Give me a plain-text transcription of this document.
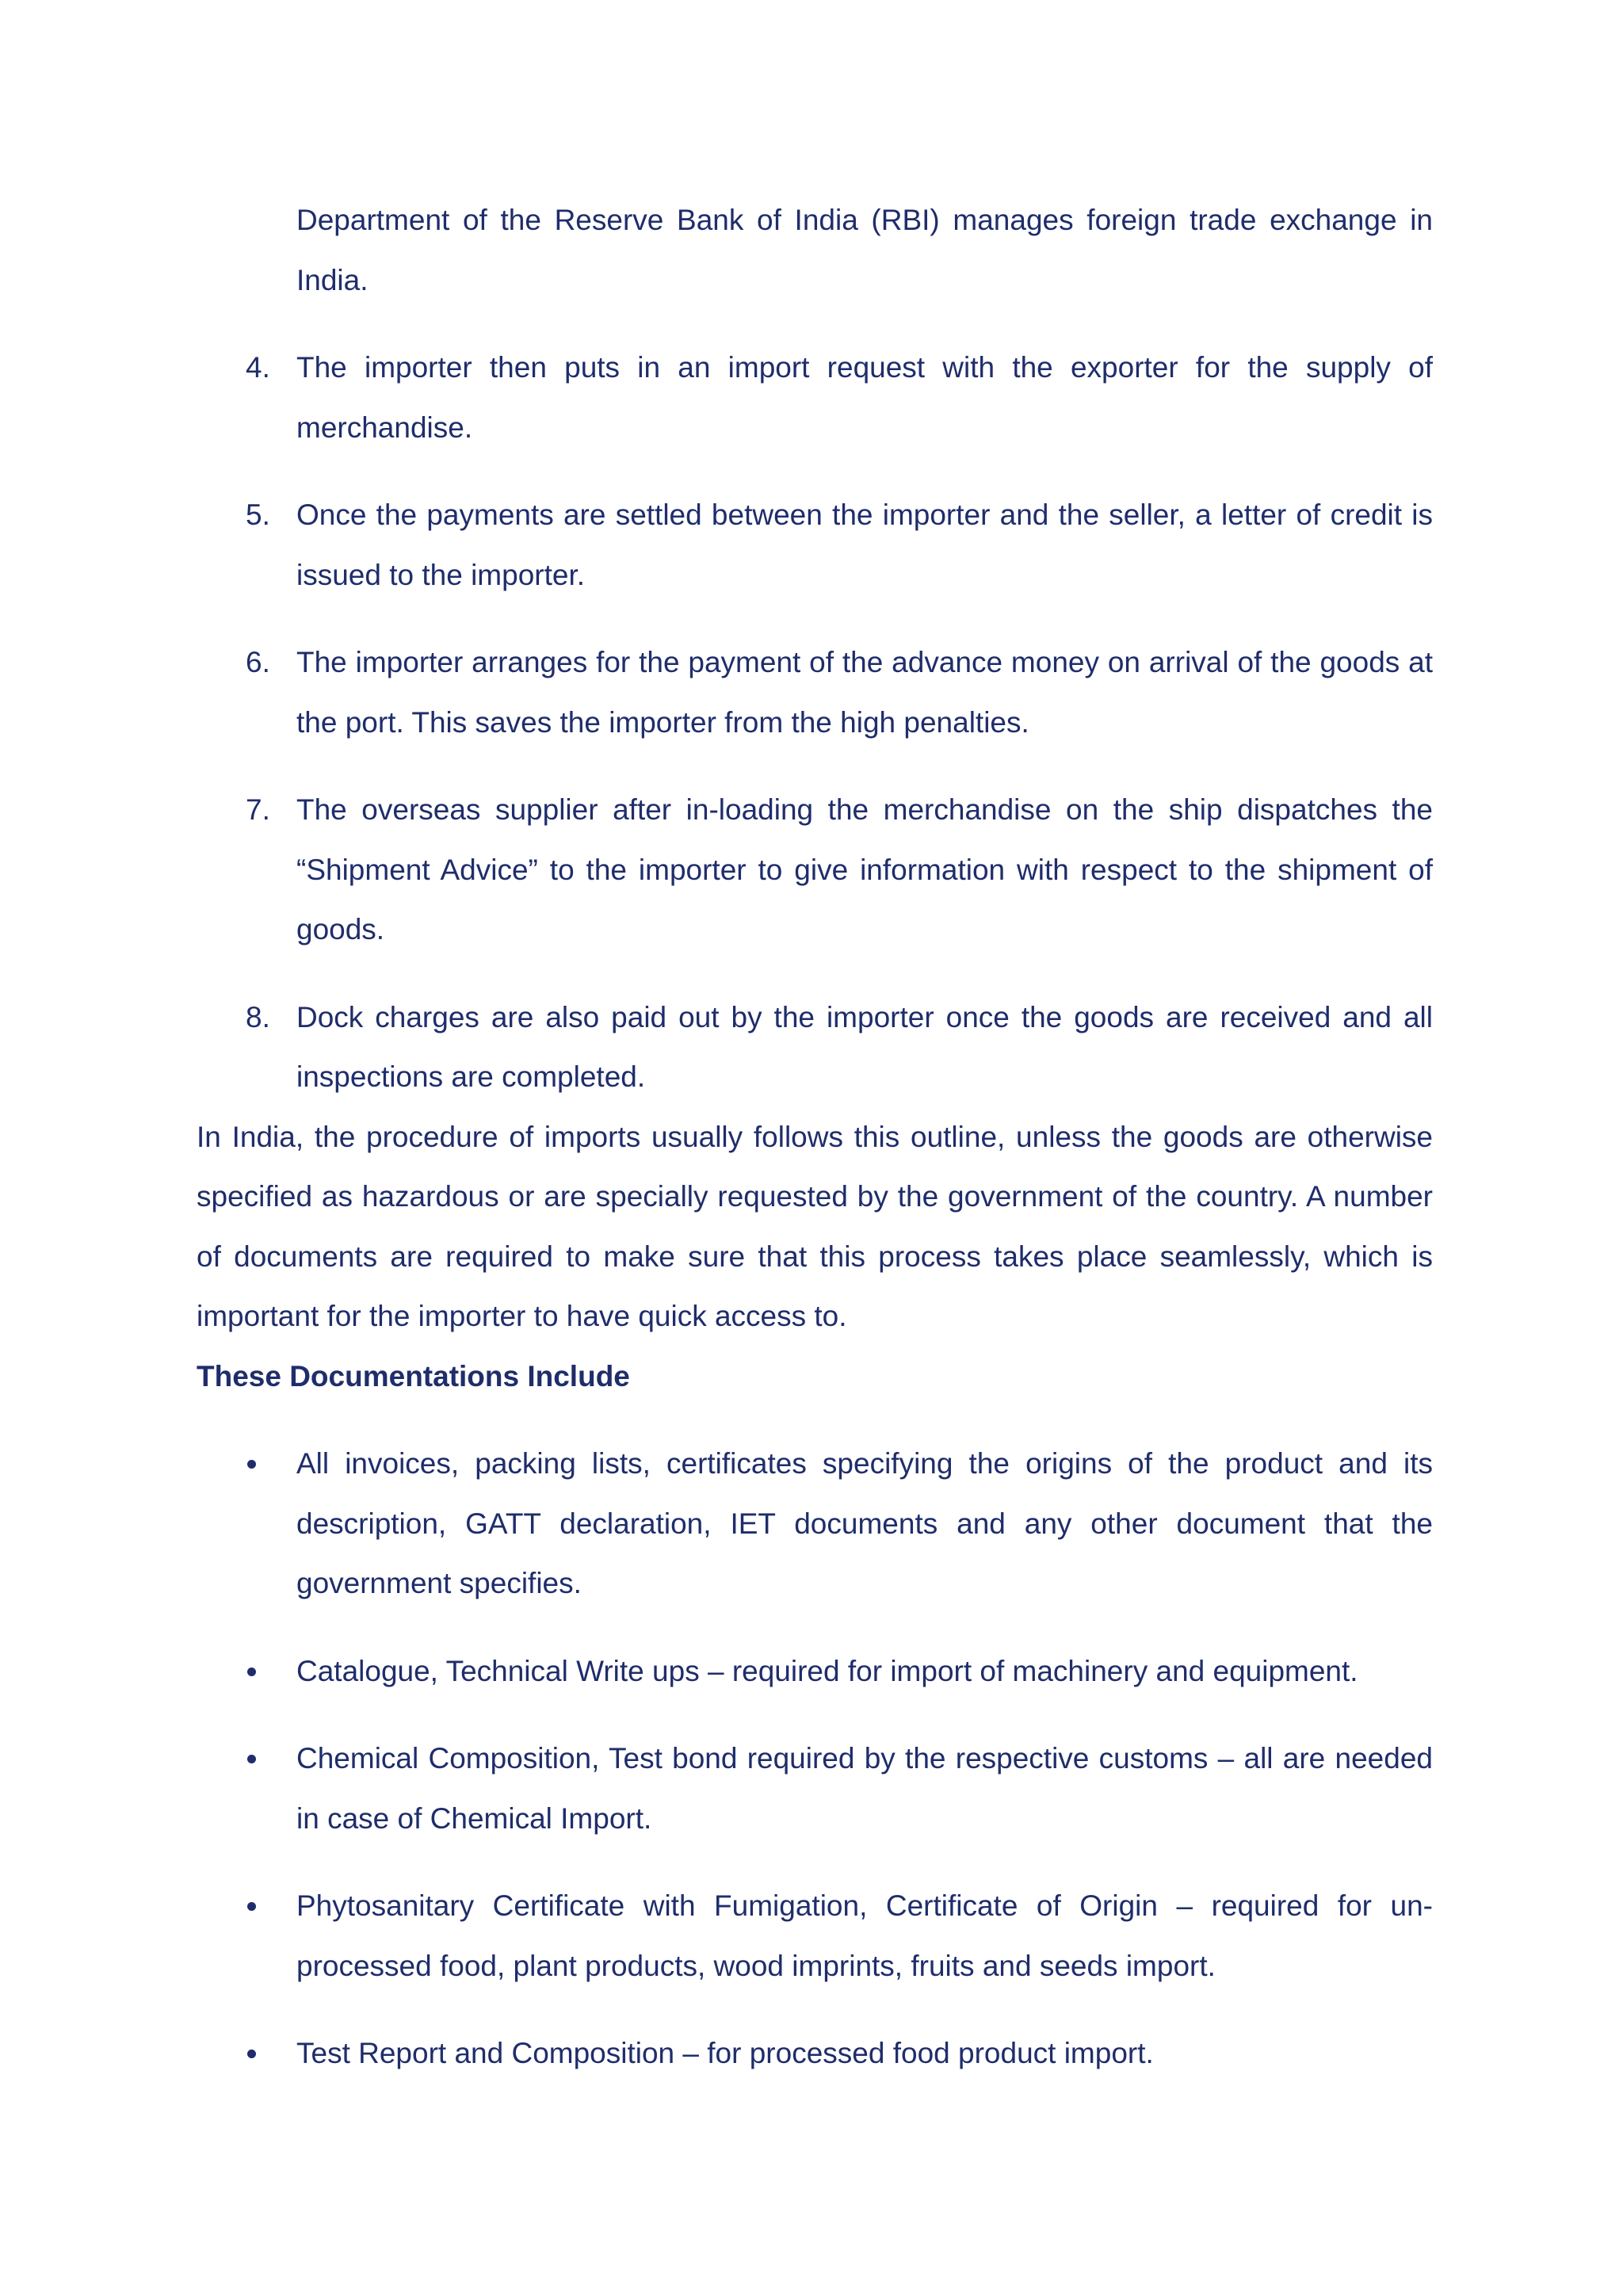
Department of the Reserve Bank of India (RBI) manages foreign trade exchange in India.
4. The importer then puts in an import request with the exporter for the supply of merchandise.
5. Once the payments are settled between the importer and the seller, a letter of credit is issued to the importer.
6. The importer arranges for the payment of the advance money on arrival of the goods at the port. This saves the importer from the high penalties.
7. The overseas supplier after in-loading the merchandise on the ship dispatches the “Shipment Advice” to the importer to give information with respect to the shipment of goods.
8. Dock charges are also paid out by the importer once the goods are received and all inspections are completed.

In India, the procedure of imports usually follows this outline, unless the goods are otherwise specified as hazardous or are specially requested by the government of the country. A number of documents are required to make sure that this process takes place seamlessly, which is important for the importer to have quick access to.

These Documentations Include

All invoices, packing lists, certificates specifying the origins of the product and its description, GATT declaration, IET documents and any other document that the government specifies.
Catalogue, Technical Write ups – required for import of machinery and equipment.
Chemical Composition, Test bond required by the respective customs – all are needed in case of Chemical Import.
Phytosanitary Certificate with Fumigation, Certificate of Origin – required for un-processed food, plant products, wood imprints, fruits and seeds import.
Test Report and Composition – for processed food product import.
